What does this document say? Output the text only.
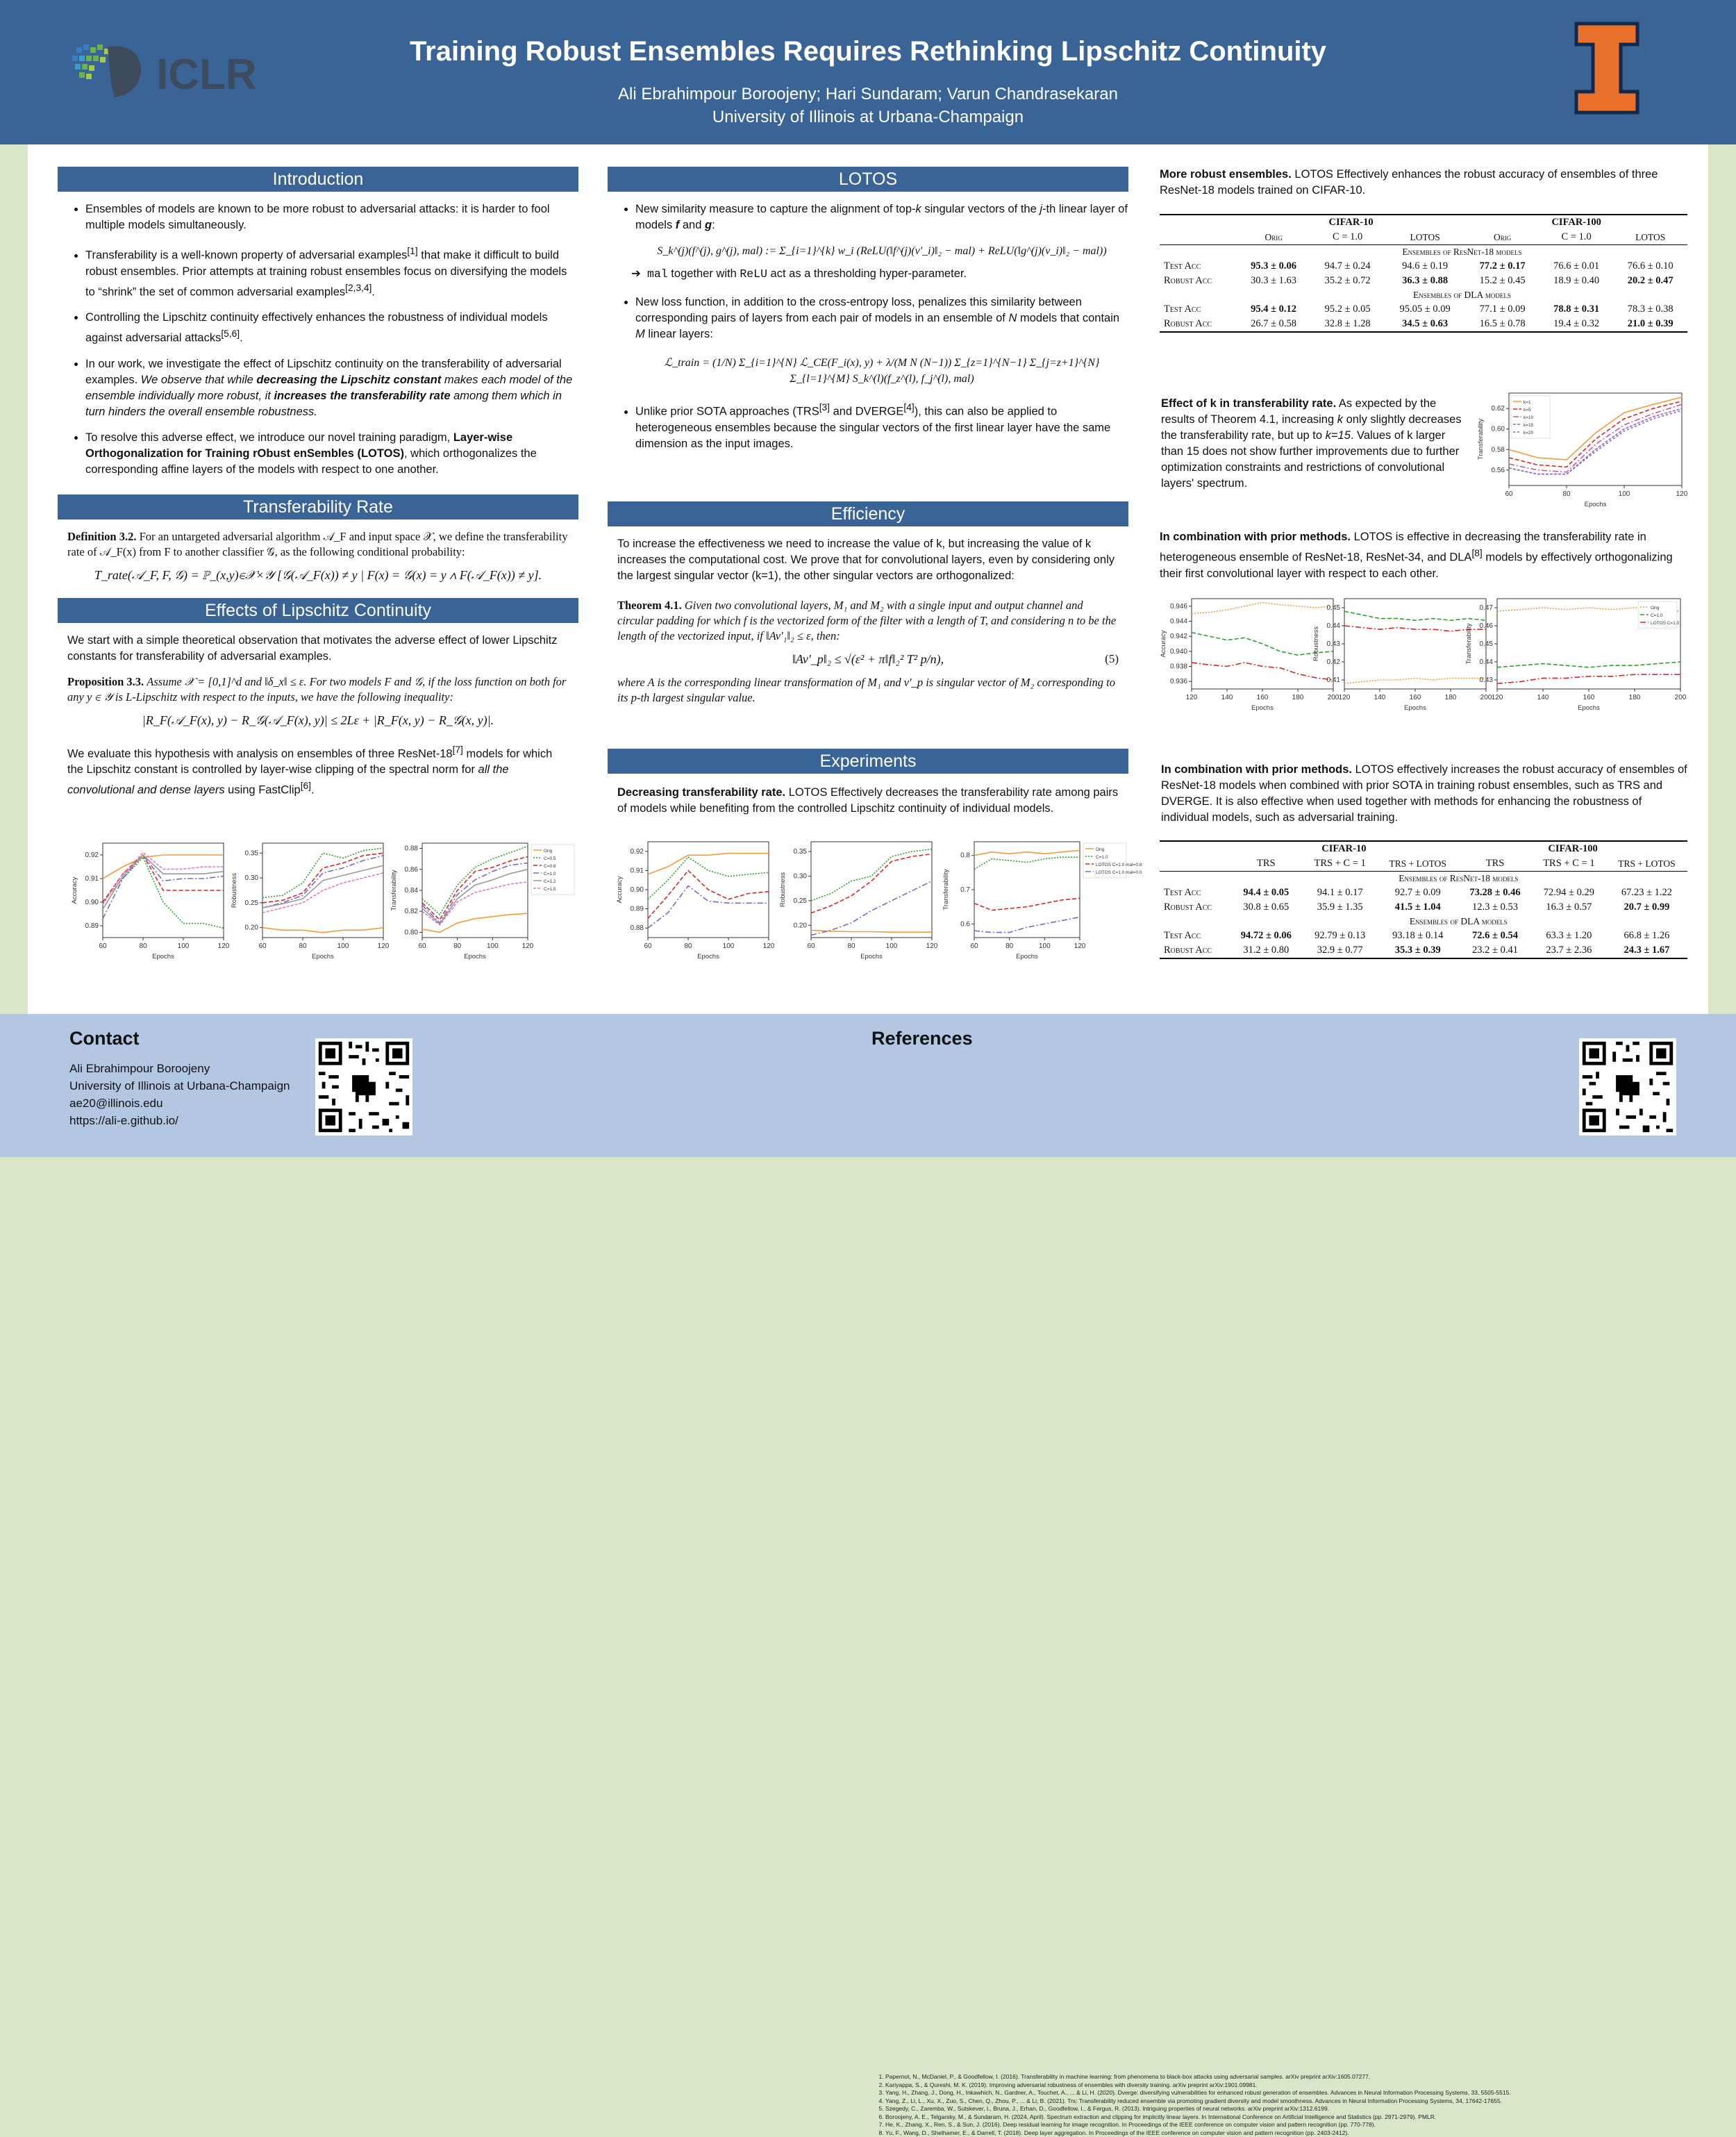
ICLR	Training Robust Ensembles Requires Rethinking Lipschitz Continuity
Ali Ebrahimpour Boroojeny; Hari Sundaram; Varun Chandrasekaran
University of Illinois at Urbana-Champaign
Introduction
• Ensembles of models are known to be more robust to adversarial attacks: it is harder to fool multiple models simultaneously.
• Transferability is a well-known property of adversarial examples[1] that make it difficult to build robust ensembles. Prior attempts at training robust ensembles focus on diversifying the models to “shrink” the set of common adversarial examples[2,3,4].
• Controlling the Lipschitz continuity effectively enhances the robustness of individual models against adversarial attacks[5,6].
• In our work, we investigate the effect of Lipschitz continuity on the transferability of adversarial examples. We observe that while decreasing the Lipschitz constant makes each model of the ensemble individually more robust, it increases the transferability rate among them which in turn hinders the overall ensemble robustness.
• To resolve this adverse effect, we introduce our novel training paradigm, Layer-wise Orthogonalization for Training rObust enSembles (LOTOS), which orthogonalizes the corresponding affine layers of the models with respect to one another.
Transferability Rate
Definition 3.2. For an untargeted adversarial algorithm 𝒜_F and input space 𝒳, we define the transferability rate of 𝒜_F(x) from F to another classifier 𝒢, as the following conditional probability:
T_rate(𝒜_F, F, 𝒢) = ℙ_(x,y)∈𝒳×𝒴 [𝒢(𝒜_F(x)) ≠ y | F(x) = 𝒢(x) = y ∧ F(𝒜_F(x)) ≠ y].
Effects of Lipschitz Continuity
We start with a simple theoretical observation that motivates the adverse effect of lower Lipschitz constants for transferability of adversarial examples.
Proposition 3.3. Assume 𝒳 = [0,1]^d and ‖δ_x‖ ≤ ε. For two models F and 𝒢, if the loss function on both for any y ∈ 𝒴 is L-Lipschitz with respect to the inputs, we have the following inequality:
|R_F(𝒜_F(x), y) − R_𝒢(𝒜_F(x), y)| ≤ 2Lε + |R_F(x, y) − R_𝒢(x, y)|.
We evaluate this hypothesis with analysis on ensembles of three ResNet-18[7] models for which the Lipschitz constant is controlled by layer-wise clipping of the spectral norm for all the convolutional and dense layers using FastClip[6].
LOTOS
• New similarity measure to capture the alignment of top-k singular vectors of the j-th linear layer of models f and g:
S_k^(j)(f^(j), g^(j), mal) := Σ_{i=1}^{k} w_i (ReLU(‖f^(j)(v'_i)‖₂ − mal) + ReLU(‖g^(j)(v_i)‖₂ − mal))
➔  mal together with ReLU act as a thresholding hyper-parameter.
• New loss function, in addition to the cross-entropy loss, penalizes this similarity between corresponding pairs of layers from each pair of models in an ensemble of N models that contain M linear layers:
ℒ_train = (1/N) Σ_{i=1}^{N} ℒ_CE(F_i(x), y) + λ/(M N (N−1)) Σ_{z=1}^{N−1} Σ_{j=z+1}^{N} Σ_{l=1}^{M} S_k^(l)(f_z^(l), f_j^(l), mal)
• Unlike prior SOTA approaches (TRS[3] and DVERGE[4]), this can also be applied to heterogeneous ensembles because the singular vectors of the first linear layer have the same dimension as the input images.
Efficiency
To increase the effectiveness we need to increase the value of k, but increasing the value of k increases the computational cost. We prove that for convolutional layers, even by considering only the largest singular vector (k=1), the other singular vectors are orthogonalized:
Theorem 4.1. Given two convolutional layers, M₁ and M₂ with a single input and output channel and circular padding for which f is the vectorized form of the filter with a length of T, and considering n to be the length of the vectorized input, if ‖Av'₁‖₂ ≤ ε, then:
‖Av'_p‖₂ ≤ √(ε² + π‖f‖₂² T² p/n),	(5)
where A is the corresponding linear transformation of M₁ and v'_p is singular vector of M₂ corresponding to its p-th largest singular value.
Experiments
Decreasing transferability rate. LOTOS Effectively decreases the transferability rate among pairs of models while benefiting from the controlled Lipschitz continuity of individual models.
More robust ensembles. LOTOS Effectively enhances the robust accuracy of ensembles of three ResNet-18 models trained on CIFAR-10.
	CIFAR-10			CIFAR-100		
	Orig	C = 1.0	LOTOS	Orig	C = 1.0	LOTOS
	Ensembles of ResNet-18 models					
Test Acc	95.3 ± 0.06	94.7 ± 0.24	94.6 ± 0.19	77.2 ± 0.17	76.6 ± 0.01	76.6 ± 0.10
Robust Acc	30.3 ± 1.63	35.2 ± 0.72	36.3 ± 0.88	15.2 ± 0.45	18.9 ± 0.40	20.2 ± 0.47
	Ensembles of DLA models					
Test Acc	95.4 ± 0.12	95.2 ± 0.05	95.05 ± 0.09	77.1 ± 0.09	78.8 ± 0.31	78.3 ± 0.38
Robust Acc	26.7 ± 0.58	32.8 ± 1.28	34.5 ± 0.63	16.5 ± 0.78	19.4 ± 0.32	21.0 ± 0.39
Effect of k in transferability rate. As expected by the results of Theorem 4.1, increasing k only slightly decreases the transferability rate, but up to k=15. Values of k larger than 15 does not show further improvements due to further optimization constraints and restrictions of convolutional layers' spectrum.
In combination with prior methods. LOTOS is effective in decreasing the transferability rate in heterogeneous ensemble of ResNet-18, ResNet-34, and DLA[8] models by effectively orthogonalizing their first convolutional layer with respect to each other.
In combination with prior methods. LOTOS effectively increases the robust accuracy of ensembles of ResNet-18 models when combined with prior SOTA in training robust ensembles, such as TRS and DVERGE. It is also effective when used together with methods for enhancing the robustness of individual models, such as adversarial training.
	CIFAR-10			CIFAR-100		
	TRS	TRS + C = 1	TRS + LOTOS	TRS	TRS + C = 1	TRS + LOTOS
	Ensembles of ResNet-18 models					
Test Acc	94.4 ± 0.05	94.1 ± 0.17	92.7 ± 0.09	73.28 ± 0.46	72.94 ± 0.29	67.23 ± 1.22
Robust Acc	30.8 ± 0.65	35.9 ± 1.35	41.5 ± 1.04	12.3 ± 0.53	16.3 ± 0.57	20.7 ± 0.99
	Ensembles of DLA models					
Test Acc	94.72 ± 0.06	92.79 ± 0.13	93.18 ± 0.14	72.6 ± 0.54	63.3 ± 1.20	66.8 ± 1.26
Robust Acc	31.2 ± 0.80	32.9 ± 0.77	35.3 ± 0.39	23.2 ± 0.41	23.7 ± 2.36	24.3 ± 1.67
60	80	100	120
0.89
0.90
0.91
0.92
Epochs
Accuracy
60	80	100	120
0.20
0.25
0.30
0.35
Epochs
Robustness
60	80	100	120
0.80
0.82
0.84
0.86
0.88
Epochs
Transferability
Orig
C=0.5
C=0.8
C=1.0
C=1.2
C=1.5
60	80	100	120
0.88
0.89
0.90
0.91
0.92
Epochs
Accuracy
60	80	100	120
0.20
0.25
0.30
0.35
Epochs
Robustness
60	80	100	120
0.6
0.7
0.8
Epochs
Transferability
Orig
C=1.0
LOTOS C=1.0 mal=0.8
LOTOS C=1.0 mal=0.0
60	80	100	120
0.56
0.58
0.60
0.62
Epochs
Transferability
k=1
k=5
k=10
k=15
k=20
120	140	160	180	200
0.936
0.938
0.940
0.942
0.944
0.946
Epochs
Accuracy
120	140	160	180	200
0.41
0.42
0.43
0.44
0.45
Epochs
Robustness
120	140	160	180	200
0.43
0.44
0.45
0.46
0.47
Epochs
Transferability
Orig
C=1.0
LOTOS C=1.0
Contact
Ali Ebrahimpour Boroojeny
University of Illinois at Urbana-Champaign
ae20@illinois.edu
https://ali-e.github.io/
References
1. Papernot, N., McDaniel, P., & Goodfellow, I. (2016). Transferability in machine learning: from phenomena to black-box attacks using adversarial samples. arXiv preprint arXiv:1605.07277.
2. Kariyappa, S., & Qureshi, M. K. (2019). Improving adversarial robustness of ensembles with diversity training. arXiv preprint arXiv:1901.09981.
3. Yang, H., Zhang, J., Dong, H., Inkawhich, N., Gardner, A., Touchet, A., ... & Li, H. (2020). Dverge: diversifying vulnerabilities for enhanced robust generation of ensembles. Advances in Neural Information Processing Systems, 33, 5505-5515.
4. Yang, Z., Li, L., Xu, X., Zuo, S., Chen, Q., Zhou, P., ... & Li, B. (2021). Trs: Transferability reduced ensemble via promoting gradient diversity and model smoothness. Advances in Neural Information Processing Systems, 34, 17642-17655.
5. Szegedy, C., Zaremba, W., Sutskever, I., Bruna, J., Erhan, D., Goodfellow, I., & Fergus, R. (2013). Intriguing properties of neural networks. arXiv preprint arXiv:1312.6199.
6. Boroojeny, A. E., Telgarsky, M., & Sundaram, H. (2024, April). Spectrum extraction and clipping for implicitly linear layers. In International Conference on Artificial Intelligence and Statistics (pp. 2971-2979). PMLR.
7. He, K., Zhang, X., Ren, S., & Sun, J. (2016). Deep residual learning for image recognition. In Proceedings of the IEEE conference on computer vision and pattern recognition (pp. 770-778).
8. Yu, F., Wang, D., Shelhamer, E., & Darrell, T. (2018). Deep layer aggregation. In Proceedings of the IEEE conference on computer vision and pattern recognition (pp. 2403-2412).
